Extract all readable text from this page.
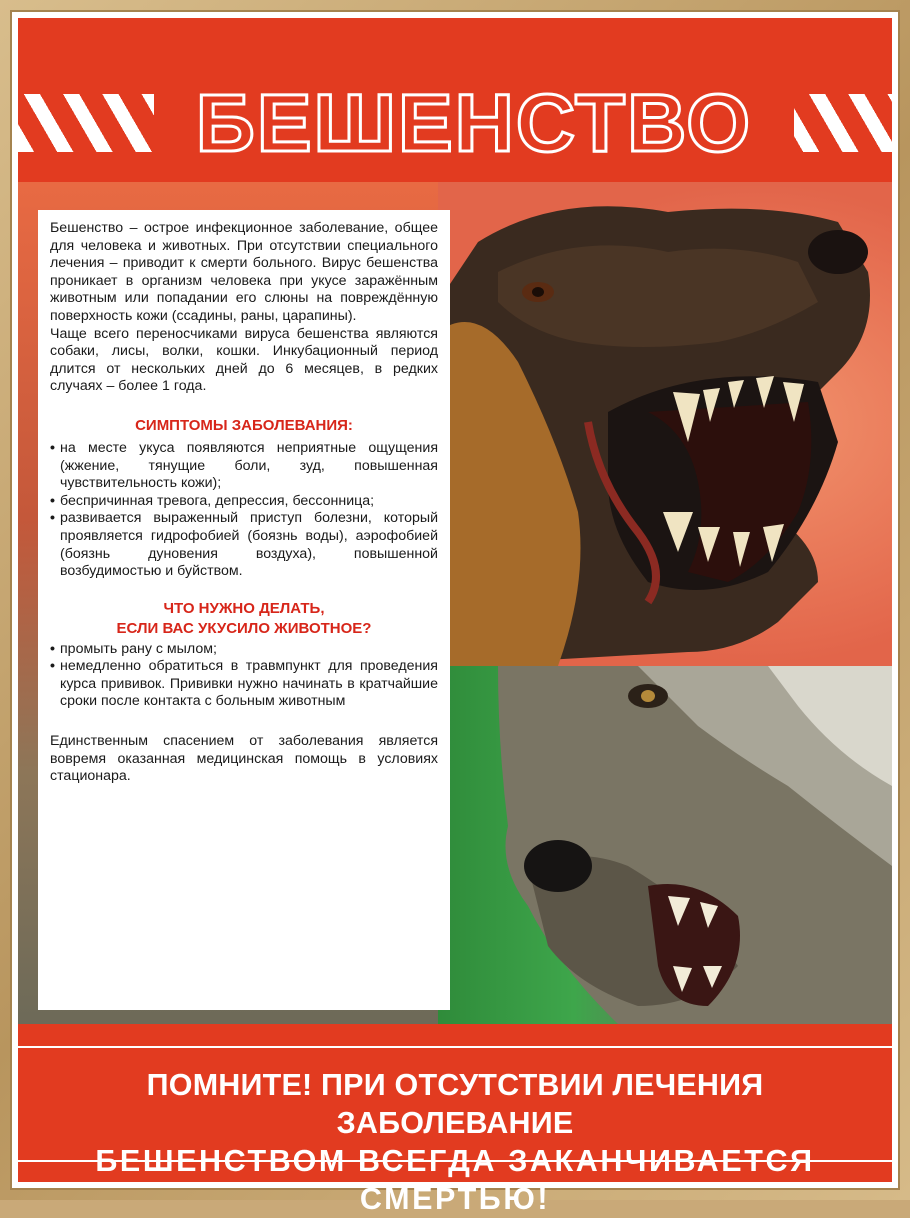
БЕШЕНСТВО

Бешенство – острое инфекционное заболевание, общее для человека и животных. При отсутствии специального лечения – приводит к смерти больного. Вирус бешенства проникает в организм человека при укусе заражённым животным или попадании его слюны на повреждённую поверхность кожи (ссадины, раны, царапины).

Чаще всего переносчиками вируса бешенства являются собаки, лисы, волки, кошки. Инкубационный период длится от нескольких дней до 6 месяцев, в редких случаях – более 1 года.

СИМПТОМЫ ЗАБОЛЕВАНИЯ:

• на месте укуса появляются неприятные ощущения (жжение, тянущие боли, зуд, повышенная чувствительность кожи);
• беспричинная тревога, депрессия, бессонница;
• развивается выраженный приступ болезни, который проявляется гидрофобией (боязнь воды), аэрофобией (боязнь дуновения воздуха), повышенной возбудимостью и буйством.
ЧТО НУЖНО ДЕЛАТЬ,
ЕСЛИ ВАС УКУСИЛО ЖИВОТНОЕ?
• промыть рану с мылом;
• немедленно обратиться в травмпункт для проведения курса прививок. Прививки нужно начинать в кратчайшие сроки после контакта с больным животным

Единственным спасением от заболевания является вовремя оказанная медицинская помощь в условиях стационара.

ПОМНИТЕ! ПРИ ОТСУТСТВИИ ЛЕЧЕНИЯ ЗАБОЛЕВАНИЕ
БЕШЕНСТВОМ ВСЕГДА ЗАКАНЧИВАЕТСЯ СМЕРТЬЮ!
